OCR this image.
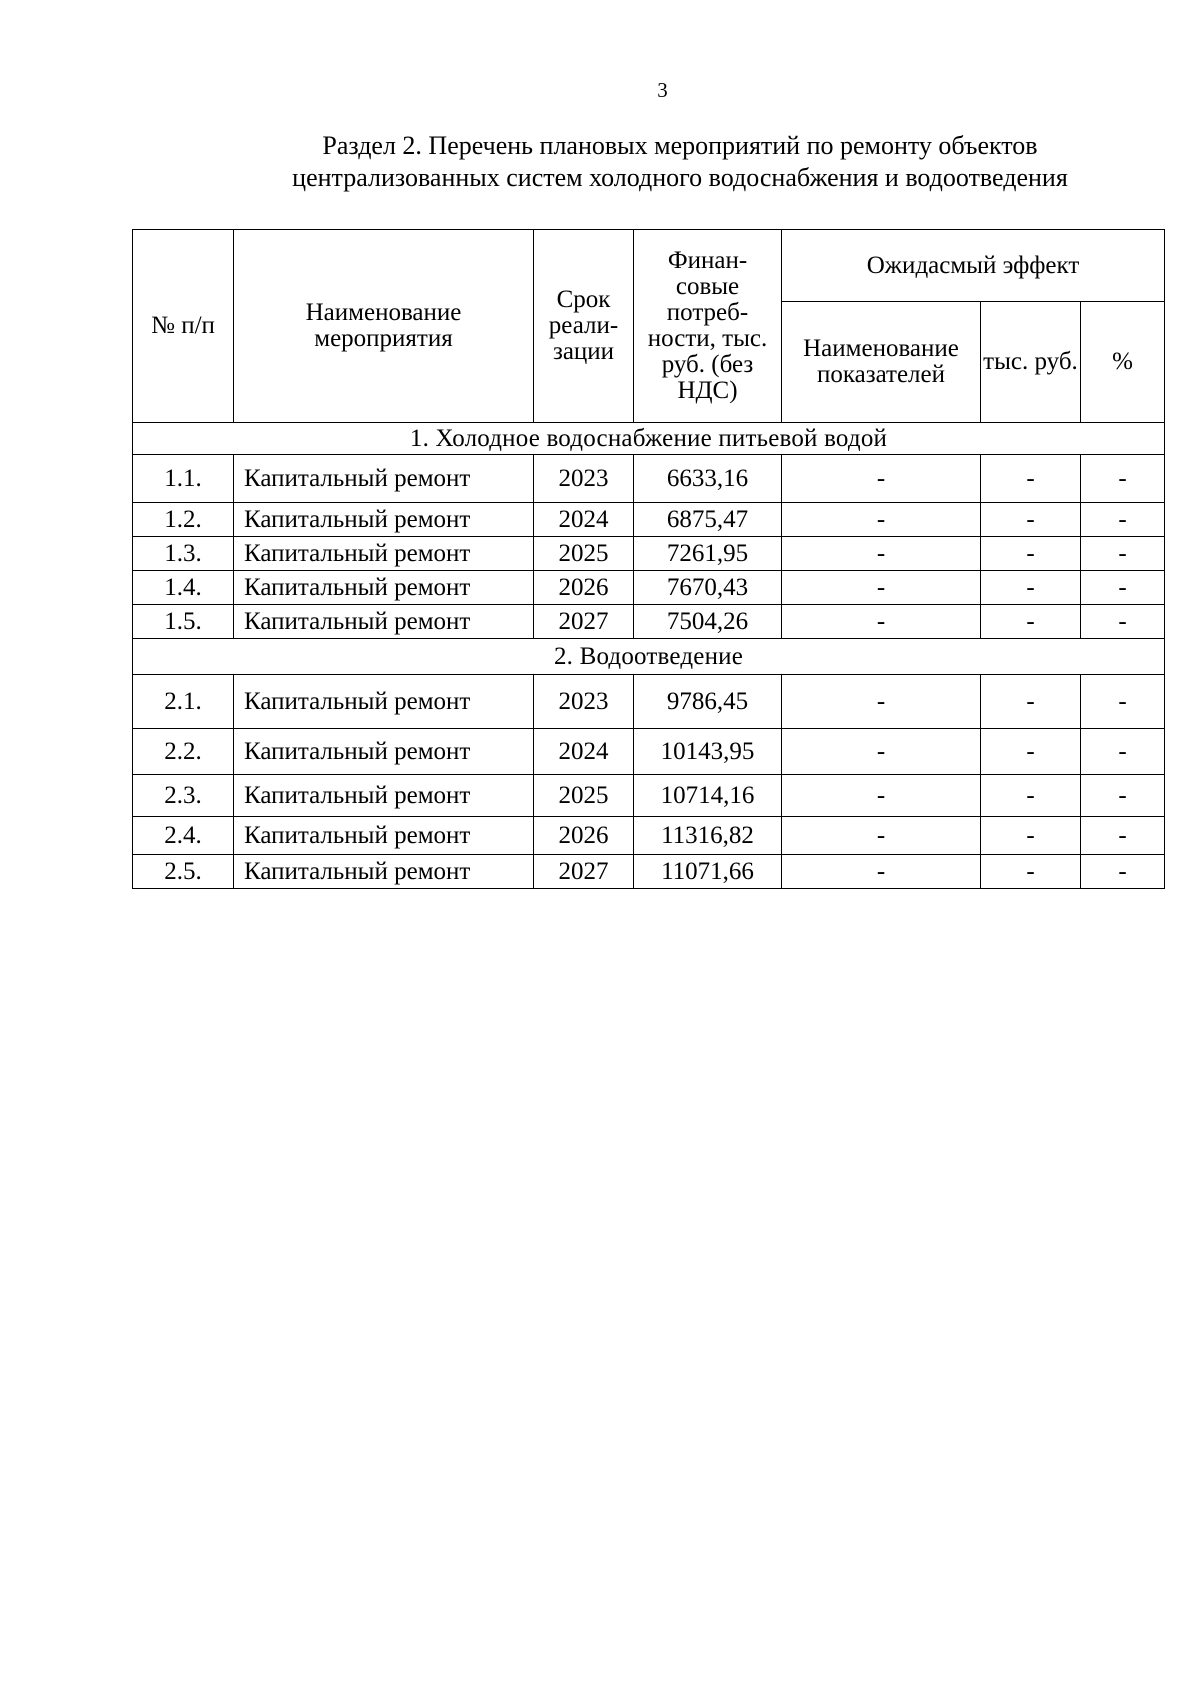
3
Раздел 2. Перечень плановых мероприятий по ремонту объектов
централизованных систем холодного водоснабжения и водоотведения
№ п/п	Наименование мероприятия	Срок реали- зации	Финан- совые потреб- ности, тыс. руб. (без НДС)	Ожидасмый эффект		
				Наименование показателей	тыс. руб.	%
1. Холодное водоснабжение питьевой водой						
1.1.	Капитальный ремонт	2023	6633,16	-	-	-
1.2.	Капитальный ремонт	2024	6875,47	-	-	-
1.3.	Капитальный ремонт	2025	7261,95	-	-	-
1.4.	Капитальный ремонт	2026	7670,43	-	-	-
1.5.	Капитальный ремонт	2027	7504,26	-	-	-
2. Водоотведение						
2.1.	Капитальный ремонт	2023	9786,45	-	-	-
2.2.	Капитальный ремонт	2024	10143,95	-	-	-
2.3.	Капитальный ремонт	2025	10714,16	-	-	-
2.4.	Капитальный ремонт	2026	11316,82	-	-	-
2.5.	Капитальный ремонт	2027	11071,66	-	-	-
